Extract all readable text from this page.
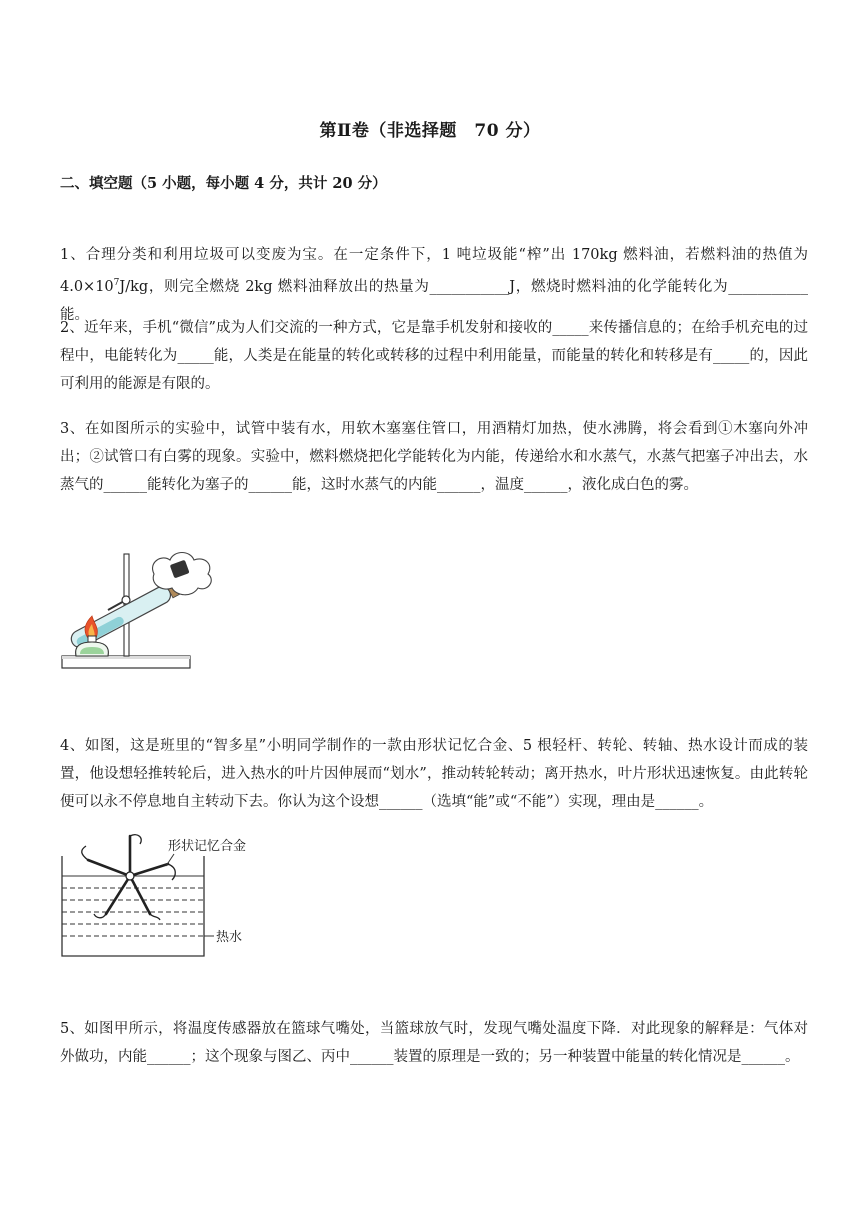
第Ⅱ卷（非选择题　70 分）
二、填空题（5 小题，每小题 4 分，共计 20 分）

1、合理分类和利用垃圾可以变废为宝。在一定条件下，1 吨垃圾能“榨”出 170kg 燃料油，若燃料油的热值为 $4.0\times 10^7J/kg$，则完全燃烧 2kg 燃料油释放出的热量为___________J，燃烧时燃料油的化学能转化为___________能。

2、近年来，手机“微信”成为人们交流的一种方式，它是靠手机发射和接收的_____来传播信息的；在给手机充电的过程中，电能转化为_____能，人类是在能量的转化或转移的过程中利用能量，而能量的转化和转移是有_____的，因此可利用的能源是有限的。

3、在如图所示的实验中，试管中装有水，用软木塞塞住管口，用酒精灯加热，使水沸腾，将会看到①木塞向外冲出；②试管口有白雾的现象。实验中，燃料燃烧把化学能转化为内能，传递给水和水蒸气，水蒸气把塞子冲出去，水蒸气的______能转化为塞子的______能，这时水蒸气的内能______，温度______，液化成白色的雾。

4、如图，这是班里的“智多星”小明同学制作的一款由形状记忆合金、5 根轻杆、转轮、转轴、热水设计而成的装置，他设想轻推转轮后，进入热水的叶片因伸展而“划水”，推动转轮转动；离开热水，叶片形状迅速恢复。由此转轮便可以永不停息地自主转动下去。你认为这个设想______（选填“能”或“不能”）实现，理由是______。

形状记忆合金
热水

5、如图甲所示，将温度传感器放在篮球气嘴处，当篮球放气时，发现气嘴处温度下降．对此现象的解释是：气体对外做功，内能______；这个现象与图乙、丙中______装置的原理是一致的；另一种装置中能量的转化情况是______。
